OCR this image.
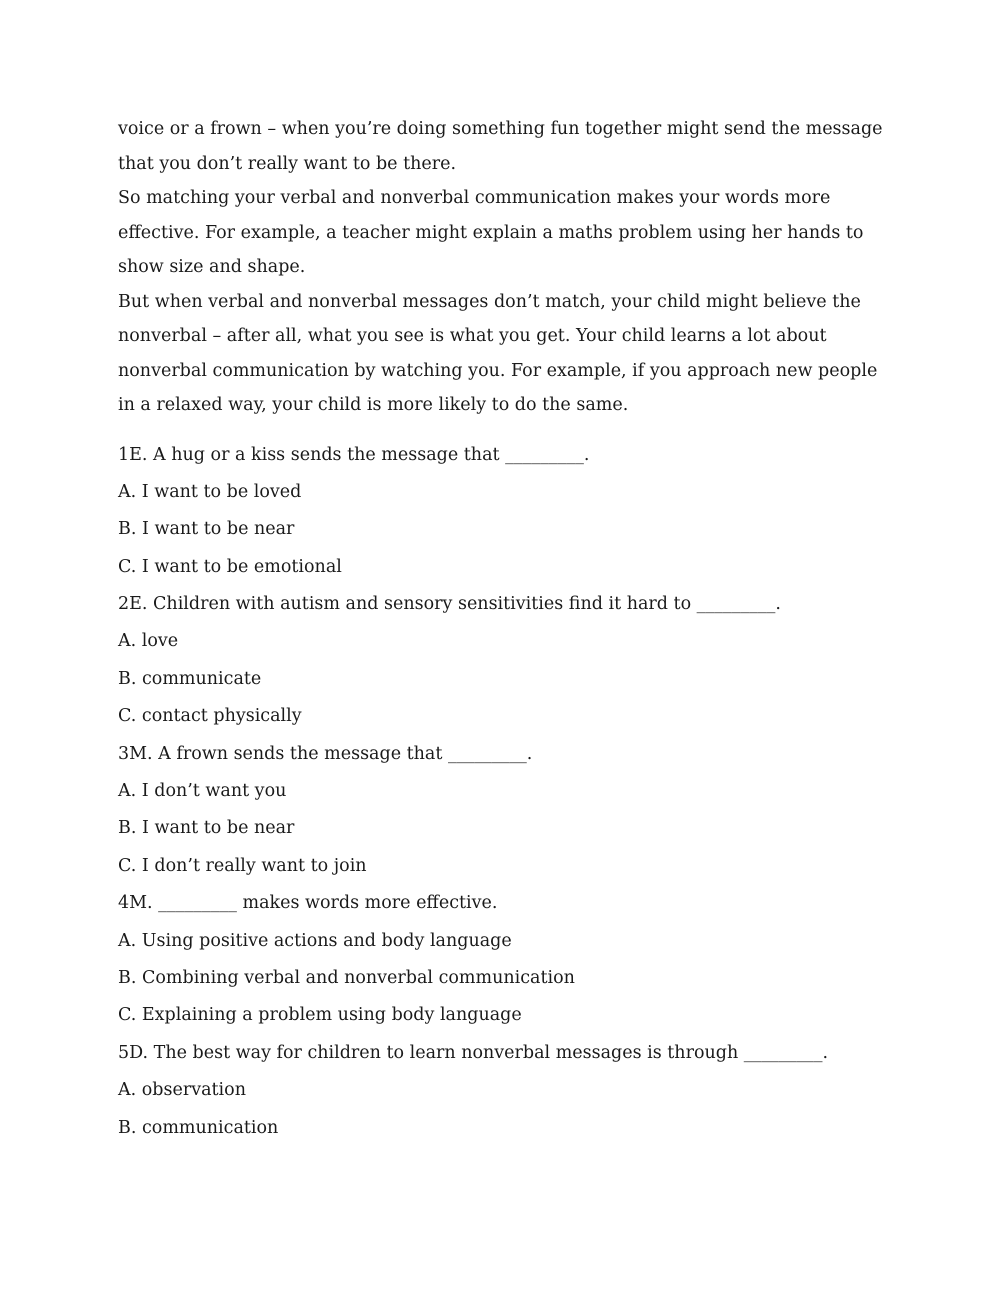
voice or a frown – when you’re doing something fun together might send the message that you don’t really want to be there.

So matching your verbal and nonverbal communication makes your words more effective. For example, a teacher might explain a maths problem using her hands to show size and shape.

But when verbal and nonverbal messages don’t match, your child might believe the nonverbal – after all, what you see is what you get. Your child learns a lot about nonverbal communication by watching you. For example, if you approach new people in a relaxed way, your child is more likely to do the same.

1E. A hug or a kiss sends the message that _________.

A. I want to be loved

B. I want to be near

C. I want to be emotional

2E. Children with autism and sensory sensitivities find it hard to _________.

A. love

B. communicate

C. contact physically

3M. A frown sends the message that _________.

A. I don’t want you

B. I want to be near

C. I don’t really want to join

4M. _________ makes words more effective.

A. Using positive actions and body language

B. Combining verbal and nonverbal communication

C. Explaining a problem using body language

5D. The best way for children to learn nonverbal messages is through _________.

A. observation

B. communication
